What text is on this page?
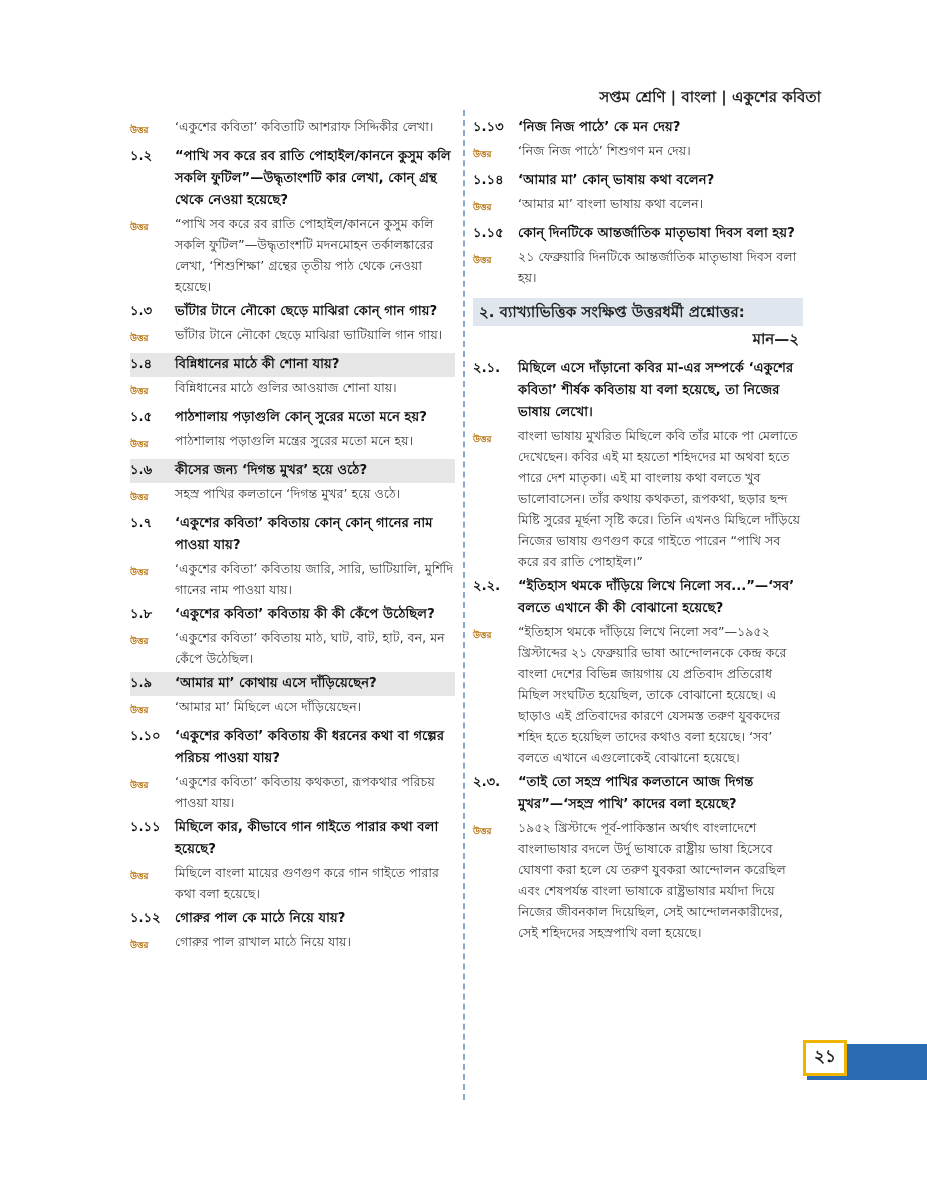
সপ্তম শ্রেণি | বাংলা | একুশের কবিতা
উত্তর	‘একুশের কবিতা’ কবিতাটি আশরাফ সিদ্দিকীর লেখা।
১.২	“পাখি সব করে রব রাতি পোহাইল/কাননে কুসুম কলি সকলি ফুটিল”—উদ্ধৃতাংশটি কার লেখা, কোন্ গ্রন্থ থেকে নেওয়া হয়েছে?
উত্তর	“পাখি সব করে রব রাতি পোহাইল/কাননে কুসুম কলি সকলি ফুটিল”—উদ্ধৃতাংশটি মদনমোহন তর্কালঙ্কারের লেখা, ‘শিশুশিক্ষা’ গ্রন্থের তৃতীয় পাঠ থেকে নেওয়া হয়েছে।
১.৩	ভাঁটার টানে নৌকো ছেড়ে মাঝিরা কোন্ গান গায়?
উত্তর	ভাঁটার টানে নৌকো ছেড়ে মাঝিরা ভাটিয়ালি গান গায়।
১.৪	বিন্নিধানের মাঠে কী শোনা যায়?
উত্তর	বিন্নিধানের মাঠে গুলির আওয়াজ শোনা যায়।
১.৫	পাঠশালায় পড়াগুলি কোন্ সুরের মতো মনে হয়?
উত্তর	পাঠশালায় পড়াগুলি মন্ত্রের সুরের মতো মনে হয়।
১.৬	কীসের জন্য ‘দিগন্ত মুখর’ হয়ে ওঠে?
উত্তর	সহস্র পাখির কলতানে ‘দিগন্ত মুখর’ হয়ে ওঠে।
১.৭	‘একুশের কবিতা’ কবিতায় কোন্ কোন্ গানের নাম পাওয়া যায়?
উত্তর	‘একুশের কবিতা’ কবিতায় জারি, সারি, ভাটিয়ালি, মুর্শিদি গানের নাম পাওয়া যায়।
১.৮	‘একুশের কবিতা’ কবিতায় কী কী কেঁপে উঠেছিল?
উত্তর	‘একুশের কবিতা’ কবিতায় মাঠ, ঘাট, বাট, হাট, বন, মন কেঁপে উঠেছিল।
১.৯	‘আমার মা’ কোথায় এসে দাঁড়িয়েছেন?
উত্তর	‘আমার মা’ মিছিলে এসে দাঁড়িয়েছেন।
১.১০	‘একুশের কবিতা’ কবিতায় কী ধরনের কথা বা গল্পের পরিচয় পাওয়া যায়?
উত্তর	‘একুশের কবিতা’ কবিতায় কথকতা, রূপকথার পরিচয় পাওয়া যায়।
১.১১	মিছিলে কার, কীভাবে গান গাইতে পারার কথা বলা হয়েছে?
উত্তর	মিছিলে বাংলা মায়ের গুণগুণ করে গান গাইতে পারার কথা বলা হয়েছে।
১.১২	গোরুর পাল কে মাঠে নিয়ে যায়?
উত্তর	গোরুর পাল রাখাল মাঠে নিয়ে যায়।
১.১৩	‘নিজ নিজ পাঠে’ কে মন দেয়?
উত্তর	‘নিজ নিজ পাঠে’ শিশুগণ মন দেয়।
১.১৪	‘আমার মা’ কোন্ ভাষায় কথা বলেন?
উত্তর	‘আমার মা’ বাংলা ভাষায় কথা বলেন।
১.১৫	কোন্ দিনটিকে আন্তর্জাতিক মাতৃভাষা দিবস বলা হয়?
উত্তর	২১ ফেব্রুয়ারি দিনটিকে আন্তর্জাতিক মাতৃভাষা দিবস বলা হয়।
২. ব্যাখ্যাভিত্তিক সংক্ষিপ্ত উত্তরধর্মী প্রশ্নোত্তর:
মান—২
২.১.	মিছিলে এসে দাঁড়ানো কবির মা-এর সম্পর্কে ‘একুশের কবিতা’ শীর্ষক কবিতায় যা বলা হয়েছে, তা নিজের ভাষায় লেখো।
উত্তর	বাংলা ভাষায় মুখরিত মিছিলে কবি তাঁর মাকে পা মেলাতে দেখেছেন। কবির এই মা হয়তো শহিদদের মা অথবা হতে পারে দেশ মাতৃকা। এই মা বাংলায় কথা বলতে খুব ভালোবাসেন। তাঁর কথায় কথকতা, রূপকথা, ছড়ার ছন্দ মিষ্টি সুরের মূর্ছনা সৃষ্টি করে। তিনি এখনও মিছিলে দাঁড়িয়ে নিজের ভাষায় গুণগুণ করে গাইতে পারেন “পাখি সব করে রব রাতি পোহাইল।”
২.২.	“ইতিহাস থমকে দাঁড়িয়ে লিখে নিলো সব...”—‘সব’ বলতে এখানে কী কী বোঝানো হয়েছে?
উত্তর	“ইতিহাস থমকে দাঁড়িয়ে লিখে নিলো সব”—১৯৫২ খ্রিস্টাব্দের ২১ ফেব্রুয়ারি ভাষা আন্দোলনকে কেন্দ্র করে বাংলা দেশের বিভিন্ন জায়গায় যে প্রতিবাদ প্রতিরোধ মিছিল সংঘটিত হয়েছিল, তাকে বোঝানো হয়েছে। এ ছাড়াও এই প্রতিবাদের কারণে যেসমস্ত তরুণ যুবকদের শহিদ হতে হয়েছিল তাদের কথাও বলা হয়েছে। ‘সব’ বলতে এখানে এগুলোকেই বোঝানো হয়েছে।
২.৩.	“তাই তো সহস্র পাখির কলতানে আজ দিগন্ত মুখর”—‘সহস্র পাখি’ কাদের বলা হয়েছে?
উত্তর	১৯৫২ খ্রিস্টাব্দে পূর্ব-পাকিস্তান অর্থাৎ বাংলাদেশে বাংলাভাষার বদলে উর্দু ভাষাকে রাষ্ট্রীয় ভাষা হিসেবে ঘোষণা করা হলে যে তরুণ যুবকরা আন্দোলন করেছিল এবং শেষপর্যন্ত বাংলা ভাষাকে রাষ্ট্রভাষার মর্যাদা দিয়ে নিজের জীবনকাল দিয়েছিল, সেই আন্দোলনকারীদের, সেই শহিদদের সহস্রপাখি বলা হয়েছে।
২১
